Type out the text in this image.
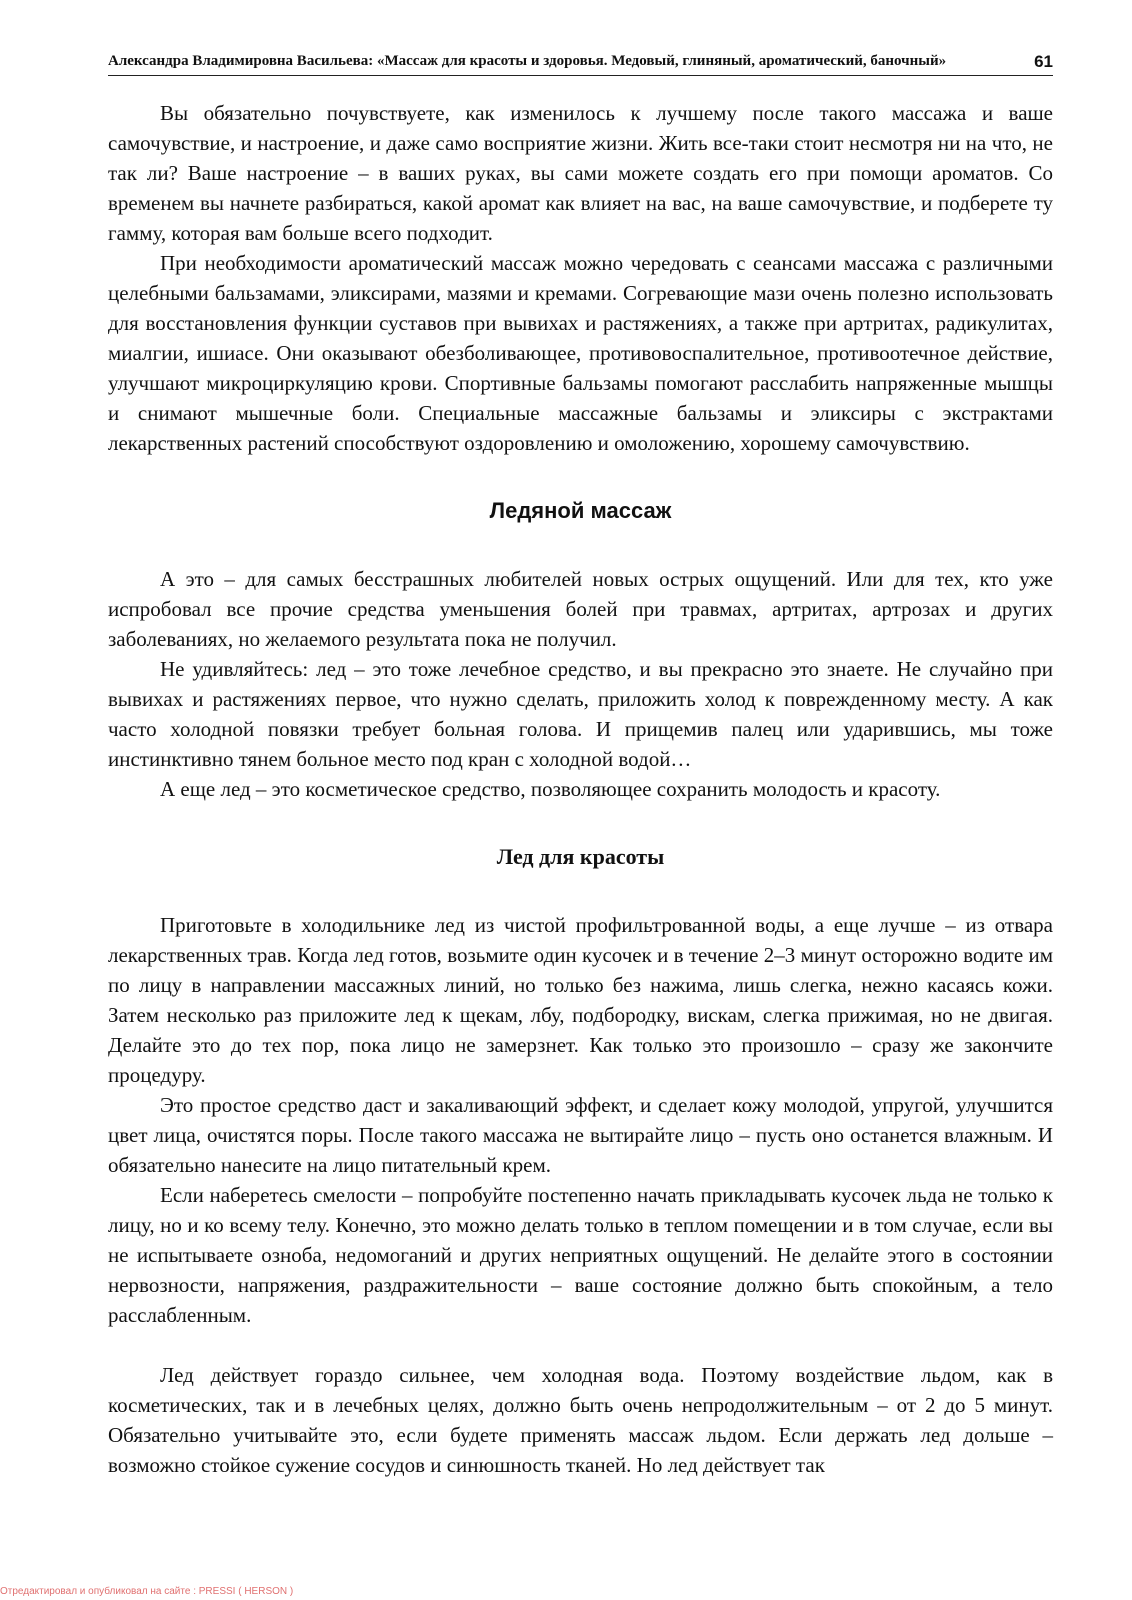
Александра Владимировна Васильева: «Массаж для красоты и здоровья. Медовый, глиняный, ароматический, баночный»	61

Вы обязательно почувствуете, как изменилось к лучшему после такого массажа и ваше самочувствие, и настроение, и даже само восприятие жизни. Жить все-таки стоит несмотря ни на что, не так ли? Ваше настроение – в ваших руках, вы сами можете создать его при помощи ароматов. Со временем вы начнете разбираться, какой аромат как влияет на вас, на ваше самочувствие, и подберете ту гамму, которая вам больше всего подходит.

При необходимости ароматический массаж можно чередовать с сеансами массажа с различными целебными бальзамами, эликсирами, мазями и кремами. Согревающие мази очень полезно использовать для восстановления функции суставов при вывихах и растяжениях, а также при артритах, радикулитах, миалгии, ишиасе. Они оказывают обезболивающее, противовоспалительное, противоотечное действие, улучшают микроциркуляцию крови. Спортивные бальзамы помогают расслабить напряженные мышцы и снимают мышечные боли. Специальные массажные бальзамы и эликсиры с экстрактами лекарственных растений способствуют оздоровлению и омоложению, хорошему самочувствию.

Ледяной массаж

А это – для самых бесстрашных любителей новых острых ощущений. Или для тех, кто уже испробовал все прочие средства уменьшения болей при травмах, артритах, артрозах и других заболеваниях, но желаемого результата пока не получил.

Не удивляйтесь: лед – это тоже лечебное средство, и вы прекрасно это знаете. Не случайно при вывихах и растяжениях первое, что нужно сделать, приложить холод к поврежденному месту. А как часто холодной повязки требует больная голова. И прищемив палец или ударившись, мы тоже инстинктивно тянем больное место под кран с холодной водой…

А еще лед – это косметическое средство, позволяющее сохранить молодость и красоту.

Лед для красоты

Приготовьте в холодильнике лед из чистой профильтрованной воды, а еще лучше – из отвара лекарственных трав. Когда лед готов, возьмите один кусочек и в течение 2–3 минут осторожно водите им по лицу в направлении массажных линий, но только без нажима, лишь слегка, нежно касаясь кожи. Затем несколько раз приложите лед к щекам, лбу, подбородку, вискам, слегка прижимая, но не двигая. Делайте это до тех пор, пока лицо не замерзнет. Как только это произошло – сразу же закончите процедуру.

Это простое средство даст и закаливающий эффект, и сделает кожу молодой, упругой, улучшится цвет лица, очистятся поры. После такого массажа не вытирайте лицо – пусть оно останется влажным. И обязательно нанесите на лицо питательный крем.

Если наберетесь смелости – попробуйте постепенно начать прикладывать кусочек льда не только к лицу, но и ко всему телу. Конечно, это можно делать только в теплом помещении и в том случае, если вы не испытываете озноба, недомоганий и других неприятных ощущений. Не делайте этого в состоянии нервозности, напряжения, раздражительности – ваше состояние должно быть спокойным, а тело расслабленным.

Лед действует гораздо сильнее, чем холодная вода. Поэтому воздействие льдом, как в косметических, так и в лечебных целях, должно быть очень непродолжительным – от 2 до 5 минут. Обязательно учитывайте это, если будете применять массаж льдом. Если держать лед дольше – возможно стойкое сужение сосудов и синюшность тканей. Но лед действует так

Отредактировал и опубликовал на сайте : PRESSI ( HERSON )
